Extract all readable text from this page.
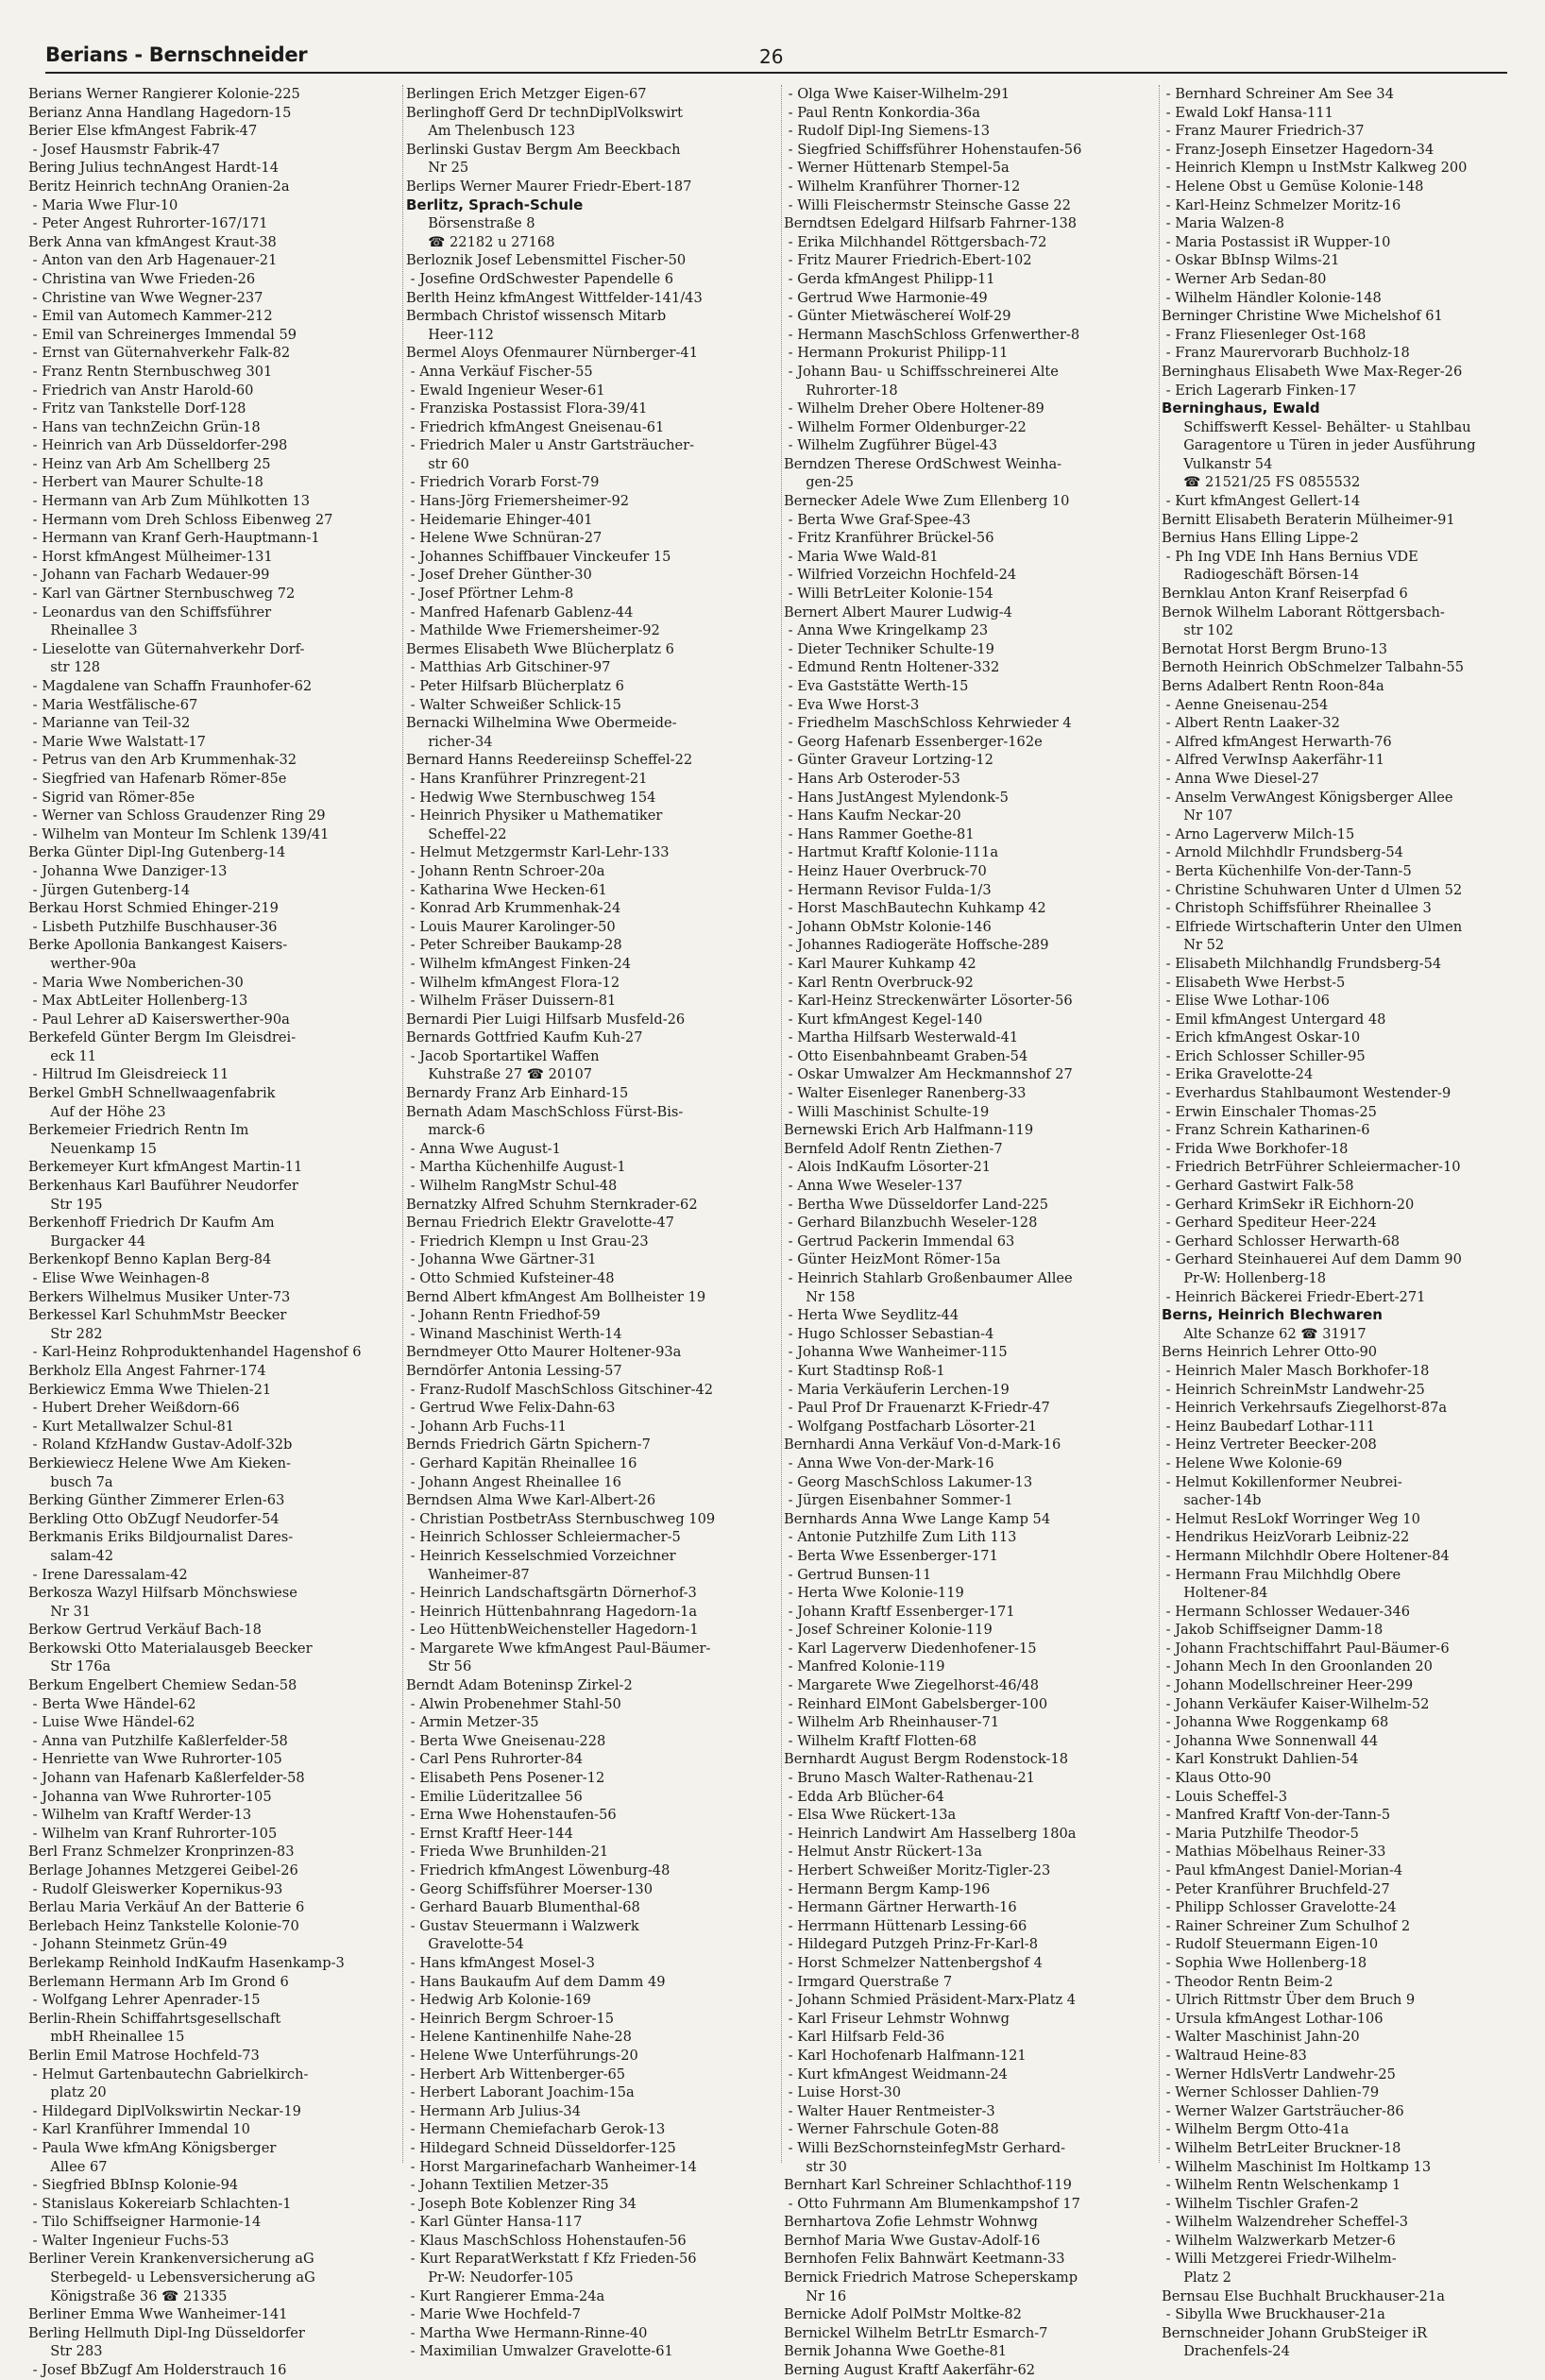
Berians - Bernschneider	26
Berians Werner Rangierer Kolonie-225
Berianz Anna Handlang Hagedorn-15
Berier Else kfmAngest Fabrik-47
- Josef Hausmstr Fabrik-47
Bering Julius technAngest Hardt-14
Beritz Heinrich technAng Oranien-2a
- Maria Wwe Flur-10
- Peter Angest Ruhrorter-167/171
Berk Anna van kfmAngest Kraut-38
- Anton van den Arb Hagenauer-21
- Christina van Wwe Frieden-26
- Christine van Wwe Wegner-237
- Emil van Automech Kammer-212
- Emil van Schreinerges Immendal 59
- Ernst van Güternahverkehr Falk-82
- Franz Rentn Sternbuschweg 301
- Friedrich van Anstr Harold-60
- Fritz van Tankstelle Dorf-128
- Hans van technZeichn Grün-18
- Heinrich van Arb Düsseldorfer-298
- Heinz van Arb Am Schellberg 25
- Herbert van Maurer Schulte-18
- Hermann van Arb Zum Mühlkotten 13
- Hermann vom Dreh Schloss Eibenweg 27
- Hermann van Kranf Gerh-Hauptmann-1
- Horst kfmAngest Mülheimer-131
- Johann van Facharb Wedauer-99
- Karl van Gärtner Sternbuschweg 72
- Leonardus van den Schiffsführer
Rheinallee 3
- Lieselotte van Güternahverkehr Dorf-
str 128
- Magdalene van Schaffn Fraunhofer-62
- Maria Westfälische-67
- Marianne van Teil-32
- Marie Wwe Walstatt-17
- Petrus van den Arb Krummenhak-32
- Siegfried van Hafenarb Römer-85e
- Sigrid van Römer-85e
- Werner van Schloss Graudenzer Ring 29
- Wilhelm van Monteur Im Schlenk 139/41
Berka Günter Dipl-Ing Gutenberg-14
- Johanna Wwe Danziger-13
- Jürgen Gutenberg-14
Berkau Horst Schmied Ehinger-219
- Lisbeth Putzhilfe Buschhauser-36
Berke Apollonia Bankangest Kaisers-
werther-90a
- Maria Wwe Nomberichen-30
- Max AbtLeiter Hollenberg-13
- Paul Lehrer aD Kaiserswerther-90a
Berkefeld Günter Bergm Im Gleisdrei-
eck 11
- Hiltrud Im Gleisdreieck 11
Berkel GmbH Schnellwaagenfabrik
Auf der Höhe 23
Berkemeier Friedrich Rentn Im
Neuenkamp 15
Berkemeyer Kurt kfmAngest Martin-11
Berkenhaus Karl Bauführer Neudorfer
Str 195
Berkenhoff Friedrich Dr Kaufm Am
Burgacker 44
Berkenkopf Benno Kaplan Berg-84
- Elise Wwe Weinhagen-8
Berkers Wilhelmus Musiker Unter-73
Berkessel Karl SchuhmMstr Beecker
Str 282
- Karl-Heinz Rohproduktenhandel Hagenshof 6
Berkholz Ella Angest Fahrner-174
Berkiewicz Emma Wwe Thielen-21
- Hubert Dreher Weißdorn-66
- Kurt Metallwalzer Schul-81
- Roland KfzHandw Gustav-Adolf-32b
Berkiewiecz Helene Wwe Am Kieken-
busch 7a
Berking Günther Zimmerer Erlen-63
Berkling Otto ObZugf Neudorfer-54
Berkmanis Eriks Bildjournalist Dares-
salam-42
- Irene Daressalam-42
Berkosza Wazyl Hilfsarb Mönchswiese
Nr 31
Berkow Gertrud Verkäuf Bach-18
Berkowski Otto Materialausgeb Beecker
Str 176a
Berkum Engelbert Chemiew Sedan-58
- Berta Wwe Händel-62
- Luise Wwe Händel-62
- Anna van Putzhilfe Kaßlerfelder-58
- Henriette van Wwe Ruhrorter-105
- Johann van Hafenarb Kaßlerfelder-58
- Johanna van Wwe Ruhrorter-105
- Wilhelm van Kraftf Werder-13
- Wilhelm van Kranf Ruhrorter-105
Berl Franz Schmelzer Kronprinzen-83
Berlage Johannes Metzgerei Geibel-26
- Rudolf Gleiswerker Kopernikus-93
Berlau Maria Verkäuf An der Batterie 6
Berlebach Heinz Tankstelle Kolonie-70
- Johann Steinmetz Grün-49
Berlekamp Reinhold IndKaufm Hasenkamp-3
Berlemann Hermann Arb Im Grond 6
- Wolfgang Lehrer Apenrader-15
Berlin-Rhein Schiffahrtsgesellschaft
mbH Rheinallee 15
Berlin Emil Matrose Hochfeld-73
- Helmut Gartenbautechn Gabrielkirch-
platz 20
- Hildegard DiplVolkswirtin Neckar-19
- Karl Kranführer Immendal 10
- Paula Wwe kfmAng Königsberger
Allee 67
- Siegfried BbInsp Kolonie-94
- Stanislaus Kokereiarb Schlachten-1
- Tilo Schiffseigner Harmonie-14
- Walter Ingenieur Fuchs-53
Berliner Verein Krankenversicherung aG
Sterbegeld- u Lebensversicherung aG
Königstraße 36 ☎ 21335
Berliner Emma Wwe Wanheimer-141
Berling Hellmuth Dipl-Ing Düsseldorfer
Str 283
- Josef BbZugf Am Holderstrauch 16
Berlingen Erich Metzger Eigen-67
Berlinghoff Gerd Dr technDiplVolkswirt
Am Thelenbusch 123
Berlinski Gustav Bergm Am Beeckbach
Nr 25
Berlips Werner Maurer Friedr-Ebert-187
Berlitz, Sprach-Schule
Börsenstraße 8
☎ 22182 u 27168
Berloznik Josef Lebensmittel Fischer-50
- Josefine OrdSchwester Papendelle 6
Berlth Heinz kfmAngest Wittfelder-141/43
Bermbach Christof wissensch Mitarb
Heer-112
Bermel Aloys Ofenmaurer Nürnberger-41
- Anna Verkäuf Fischer-55
- Ewald Ingenieur Weser-61
- Franziska Postassist Flora-39/41
- Friedrich kfmAngest Gneisenau-61
- Friedrich Maler u Anstr Gartsträucher-
str 60
- Friedrich Vorarb Forst-79
- Hans-Jörg Friemersheimer-92
- Heidemarie Ehinger-401
- Helene Wwe Schnüran-27
- Johannes Schiffbauer Vinckeufer 15
- Josef Dreher Günther-30
- Josef Pförtner Lehm-8
- Manfred Hafenarb Gablenz-44
- Mathilde Wwe Friemersheimer-92
Bermes Elisabeth Wwe Blücherplatz 6
- Matthias Arb Gitschiner-97
- Peter Hilfsarb Blücherplatz 6
- Walter Schweißer Schlick-15
Bernacki Wilhelmina Wwe Obermeide-
richer-34
Bernard Hanns Reedereiinsp Scheffel-22
- Hans Kranführer Prinzregent-21
- Hedwig Wwe Sternbuschweg 154
- Heinrich Physiker u Mathematiker
Scheffel-22
- Helmut Metzgermstr Karl-Lehr-133
- Johann Rentn Schroer-20a
- Katharina Wwe Hecken-61
- Konrad Arb Krummenhak-24
- Louis Maurer Karolinger-50
- Peter Schreiber Baukamp-28
- Wilhelm kfmAngest Finken-24
- Wilhelm kfmAngest Flora-12
- Wilhelm Fräser Duissern-81
Bernardi Pier Luigi Hilfsarb Musfeld-26
Bernards Gottfried Kaufm Kuh-27
- Jacob Sportartikel Waffen
Kuhstraße 27 ☎ 20107
Bernardy Franz Arb Einhard-15
Bernath Adam MaschSchloss Fürst-Bis-
marck-6
- Anna Wwe August-1
- Martha Küchenhilfe August-1
- Wilhelm RangMstr Schul-48
Bernatzky Alfred Schuhm Sternkrader-62
Bernau Friedrich Elektr Gravelotte-47
- Friedrich Klempn u Inst Grau-23
- Johanna Wwe Gärtner-31
- Otto Schmied Kufsteiner-48
Bernd Albert kfmAngest Am Bollheister 19
- Johann Rentn Friedhof-59
- Winand Maschinist Werth-14
Berndmeyer Otto Maurer Holtener-93a
Berndörfer Antonia Lessing-57
- Franz-Rudolf MaschSchloss Gitschiner-42
- Gertrud Wwe Felix-Dahn-63
- Johann Arb Fuchs-11
Bernds Friedrich Gärtn Spichern-7
- Gerhard Kapitän Rheinallee 16
- Johann Angest Rheinallee 16
Berndsen Alma Wwe Karl-Albert-26
- Christian PostbetrAss Sternbuschweg 109
- Heinrich Schlosser Schleiermacher-5
- Heinrich Kesselschmied Vorzeichner
Wanheimer-87
- Heinrich Landschaftsgärtn Dörnerhof-3
- Heinrich Hüttenbahnrang Hagedorn-1a
- Leo HüttenbWeichensteller Hagedorn-1
- Margarete Wwe kfmAngest Paul-Bäumer-
Str 56
Berndt Adam Boteninsp Zirkel-2
- Alwin Probenehmer Stahl-50
- Armin Metzer-35
- Berta Wwe Gneisenau-228
- Carl Pens Ruhrorter-84
- Elisabeth Pens Posener-12
- Emilie Lüderitzallee 56
- Erna Wwe Hohenstaufen-56
- Ernst Kraftf Heer-144
- Frieda Wwe Brunhilden-21
- Friedrich kfmAngest Löwenburg-48
- Georg Schiffsführer Moerser-130
- Gerhard Bauarb Blumenthal-68
- Gustav Steuermann i Walzwerk
Gravelotte-54
- Hans kfmAngest Mosel-3
- Hans Baukaufm Auf dem Damm 49
- Hedwig Arb Kolonie-169
- Heinrich Bergm Schroer-15
- Helene Kantinenhilfe Nahe-28
- Helene Wwe Unterführungs-20
- Herbert Arb Wittenberger-65
- Herbert Laborant Joachim-15a
- Hermann Arb Julius-34
- Hermann Chemiefacharb Gerok-13
- Hildegard Schneid Düsseldorfer-125
- Horst Margarinefacharb Wanheimer-14
- Johann Textilien Metzer-35
- Joseph Bote Koblenzer Ring 34
- Karl Günter Hansa-117
- Klaus MaschSchloss Hohenstaufen-56
- Kurt ReparatWerkstatt f Kfz Frieden-56
Pr-W: Neudorfer-105
- Kurt Rangierer Emma-24a
- Marie Wwe Hochfeld-7
- Martha Wwe Hermann-Rinne-40
- Maximilian Umwalzer Gravelotte-61
- Olga Wwe Kaiser-Wilhelm-291
- Paul Rentn Konkordia-36a
- Rudolf Dipl-Ing Siemens-13
- Siegfried Schiffsführer Hohenstaufen-56
- Werner Hüttenarb Stempel-5a
- Wilhelm Kranführer Thorner-12
- Willi Fleischermstr Steinsche Gasse 22
Berndtsen Edelgard Hilfsarb Fahrner-138
- Erika Milchhandel Röttgersbach-72
- Fritz Maurer Friedrich-Ebert-102
- Gerda kfmAngest Philipp-11
- Gertrud Wwe Harmonie-49
- Günter Mietwäschereí Wolf-29
- Hermann MaschSchloss Grfenwerther-8
- Hermann Prokurist Philipp-11
- Johann Bau- u Schiffsschreinerei Alte
Ruhrorter-18
- Wilhelm Dreher Obere Holtener-89
- Wilhelm Former Oldenburger-22
- Wilhelm Zugführer Bügel-43
Berndzen Therese OrdSchwest Weinha-
gen-25
Bernecker Adele Wwe Zum Ellenberg 10
- Berta Wwe Graf-Spee-43
- Fritz Kranführer Brückel-56
- Maria Wwe Wald-81
- Wilfried Vorzeichn Hochfeld-24
- Willi BetrLeiter Kolonie-154
Bernert Albert Maurer Ludwig-4
- Anna Wwe Kringelkamp 23
- Dieter Techniker Schulte-19
- Edmund Rentn Holtener-332
- Eva Gaststätte Werth-15
- Eva Wwe Horst-3
- Friedhelm MaschSchloss Kehrwieder 4
- Georg Hafenarb Essenberger-162e
- Günter Graveur Lortzing-12
- Hans Arb Osteroder-53
- Hans JustAngest Mylendonk-5
- Hans Kaufm Neckar-20
- Hans Rammer Goethe-81
- Hartmut Kraftf Kolonie-111a
- Heinz Hauer Overbruck-70
- Hermann Revisor Fulda-1/3
- Horst MaschBautechn Kuhkamp 42
- Johann ObMstr Kolonie-146
- Johannes Radiogeräte Hoffsche-289
- Karl Maurer Kuhkamp 42
- Karl Rentn Overbruck-92
- Karl-Heinz Streckenwärter Lösorter-56
- Kurt kfmAngest Kegel-140
- Martha Hilfsarb Westerwald-41
- Otto Eisenbahnbeamt Graben-54
- Oskar Umwalzer Am Heckmannshof 27
- Walter Eisenleger Ranenberg-33
- Willi Maschinist Schulte-19
Bernewski Erich Arb Halfmann-119
Bernfeld Adolf Rentn Ziethen-7
- Alois IndKaufm Lösorter-21
- Anna Wwe Weseler-137
- Bertha Wwe Düsseldorfer Land-225
- Gerhard Bilanzbuchh Weseler-128
- Gertrud Packerin Immendal 63
- Günter HeizMont Römer-15a
- Heinrich Stahlarb Großenbaumer Allee
Nr 158
- Herta Wwe Seydlitz-44
- Hugo Schlosser Sebastian-4
- Johanna Wwe Wanheimer-115
- Kurt Stadtinsp Roß-1
- Maria Verkäuferin Lerchen-19
- Paul Prof Dr Frauenarzt K-Friedr-47
- Wolfgang Postfacharb Lösorter-21
Bernhardi Anna Verkäuf Von-d-Mark-16
- Anna Wwe Von-der-Mark-16
- Georg MaschSchloss Lakumer-13
- Jürgen Eisenbahner Sommer-1
Bernhards Anna Wwe Lange Kamp 54
- Antonie Putzhilfe Zum Lith 113
- Berta Wwe Essenberger-171
- Gertrud Bunsen-11
- Herta Wwe Kolonie-119
- Johann Kraftf Essenberger-171
- Josef Schreiner Kolonie-119
- Karl Lagerverw Diedenhofener-15
- Manfred Kolonie-119
- Margarete Wwe Ziegelhorst-46/48
- Reinhard ElMont Gabelsberger-100
- Wilhelm Arb Rheinhauser-71
- Wilhelm Kraftf Flotten-68
Bernhardt August Bergm Rodenstock-18
- Bruno Masch Walter-Rathenau-21
- Edda Arb Blücher-64
- Elsa Wwe Rückert-13a
- Heinrich Landwirt Am Hasselberg 180a
- Helmut Anstr Rückert-13a
- Herbert Schweißer Moritz-Tigler-23
- Hermann Bergm Kamp-196
- Hermann Gärtner Herwarth-16
- Herrmann Hüttenarb Lessing-66
- Hildegard Putzgeh Prinz-Fr-Karl-8
- Horst Schmelzer Nattenbergshof 4
- Irmgard Querstraße 7
- Johann Schmied Präsident-Marx-Platz 4
- Karl Friseur Lehmstr Wohnwg
- Karl Hilfsarb Feld-36
- Karl Hochofenarb Halfmann-121
- Kurt kfmAngest Weidmann-24
- Luise Horst-30
- Walter Hauer Rentmeister-3
- Werner Fahrschule Goten-88
- Willi BezSchornsteinfegMstr Gerhard-
str 30
Bernhart Karl Schreiner Schlachthof-119
- Otto Fuhrmann Am Blumenkampshof 17
Bernhartova Zofie Lehmstr Wohnwg
Bernhof Maria Wwe Gustav-Adolf-16
Bernhofen Felix Bahnwärt Keetmann-33
Bernick Friedrich Matrose Scheperskamp
Nr 16
Bernicke Adolf PolMstr Moltke-82
Bernickel Wilhelm BetrLtr Esmarch-7
Bernik Johanna Wwe Goethe-81
Berning August Kraftf Aakerfähr-62
- Bernhard Schreiner Am See 34
- Ewald Lokf Hansa-111
- Franz Maurer Friedrich-37
- Franz-Joseph Einsetzer Hagedorn-34
- Heinrich Klempn u InstMstr Kalkweg 200
- Helene Obst u Gemüse Kolonie-148
- Karl-Heinz Schmelzer Moritz-16
- Maria Walzen-8
- Maria Postassist iR Wupper-10
- Oskar BbInsp Wilms-21
- Werner Arb Sedan-80
- Wilhelm Händler Kolonie-148
Berninger Christine Wwe Michelshof 61
- Franz Fliesenleger Ost-168
- Franz Maurervorarb Buchholz-18
Berninghaus Elisabeth Wwe Max-Reger-26
- Erich Lagerarb Finken-17
Berninghaus, Ewald
Schiffswerft Kessel- Behälter- u Stahlbau
Garagentore u Türen in jeder Ausführung
Vulkanstr 54
☎ 21521/25 FS 0855532
- Kurt kfmAngest Gellert-14
Bernitt Elisabeth Beraterin Mülheimer-91
Bernius Hans Elling Lippe-2
- Ph Ing VDE Inh Hans Bernius VDE
Radiogeschäft Börsen-14
Bernklau Anton Kranf Reiserpfad 6
Bernok Wilhelm Laborant Röttgersbach-
str 102
Bernotat Horst Bergm Bruno-13
Bernoth Heinrich ObSchmelzer Talbahn-55
Berns Adalbert Rentn Roon-84a
- Aenne Gneisenau-254
- Albert Rentn Laaker-32
- Alfred kfmAngest Herwarth-76
- Alfred VerwInsp Aakerfähr-11
- Anna Wwe Diesel-27
- Anselm VerwAngest Königsberger Allee
Nr 107
- Arno Lagerverw Milch-15
- Arnold Milchhdlr Frundsberg-54
- Berta Küchenhilfe Von-der-Tann-5
- Christine Schuhwaren Unter d Ulmen 52
- Christoph Schiffsführer Rheinallee 3
- Elfriede Wirtschafterin Unter den Ulmen
Nr 52
- Elisabeth Milchhandlg Frundsberg-54
- Elisabeth Wwe Herbst-5
- Elise Wwe Lothar-106
- Emil kfmAngest Untergard 48
- Erich kfmAngest Oskar-10
- Erich Schlosser Schiller-95
- Erika Gravelotte-24
- Everhardus Stahlbaumont Westender-9
- Erwin Einschaler Thomas-25
- Franz Schrein Katharinen-6
- Frida Wwe Borkhofer-18
- Friedrich BetrFührer Schleiermacher-10
- Gerhard Gastwirt Falk-58
- Gerhard KrimSekr iR Eichhorn-20
- Gerhard Spediteur Heer-224
- Gerhard Schlosser Herwarth-68
- Gerhard Steinhauerei Auf dem Damm 90
Pr-W: Hollenberg-18
- Heinrich Bäckerei Friedr-Ebert-271
Berns, Heinrich Blechwaren
Alte Schanze 62 ☎ 31917
Berns Heinrich Lehrer Otto-90
- Heinrich Maler Masch Borkhofer-18
- Heinrich SchreinMstr Landwehr-25
- Heinrich Verkehrsaufs Ziegelhorst-87a
- Heinz Baubedarf Lothar-111
- Heinz Vertreter Beecker-208
- Helene Wwe Kolonie-69
- Helmut Kokillenformer Neubrei-
sacher-14b
- Helmut ResLokf Worringer Weg 10
- Hendrikus HeizVorarb Leibniz-22
- Hermann Milchhdlr Obere Holtener-84
- Hermann Frau Milchhdlg Obere
Holtener-84
- Hermann Schlosser Wedauer-346
- Jakob Schiffseigner Damm-18
- Johann Frachtschiffahrt Paul-Bäumer-6
- Johann Mech In den Groonlanden 20
- Johann Modellschreiner Heer-299
- Johann Verkäufer Kaiser-Wilhelm-52
- Johanna Wwe Roggenkamp 68
- Johanna Wwe Sonnenwall 44
- Karl Konstrukt Dahlien-54
- Klaus Otto-90
- Louis Scheffel-3
- Manfred Kraftf Von-der-Tann-5
- Maria Putzhilfe Theodor-5
- Mathias Möbelhaus Reiner-33
- Paul kfmAngest Daniel-Morian-4
- Peter Kranführer Bruchfeld-27
- Philipp Schlosser Gravelotte-24
- Rainer Schreiner Zum Schulhof 2
- Rudolf Steuermann Eigen-10
- Sophia Wwe Hollenberg-18
- Theodor Rentn Beim-2
- Ulrich Rittmstr Über dem Bruch 9
- Ursula kfmAngest Lothar-106
- Walter Maschinist Jahn-20
- Waltraud Heine-83
- Werner HdlsVertr Landwehr-25
- Werner Schlosser Dahlien-79
- Werner Walzer Gartsträucher-86
- Wilhelm Bergm Otto-41a
- Wilhelm BetrLeiter Bruckner-18
- Wilhelm Maschinist Im Holtkamp 13
- Wilhelm Rentn Welschenkamp 1
- Wilhelm Tischler Grafen-2
- Wilhelm Walzendreher Scheffel-3
- Wilhelm Walzwerkarb Metzer-6
- Willi Metzgerei Friedr-Wilhelm-
Platz 2
Bernsau Else Buchhalt Bruckhauser-21a
- Sibylla Wwe Bruckhauser-21a
Bernschneider Johann GrubSteiger iR
Drachenfels-24
